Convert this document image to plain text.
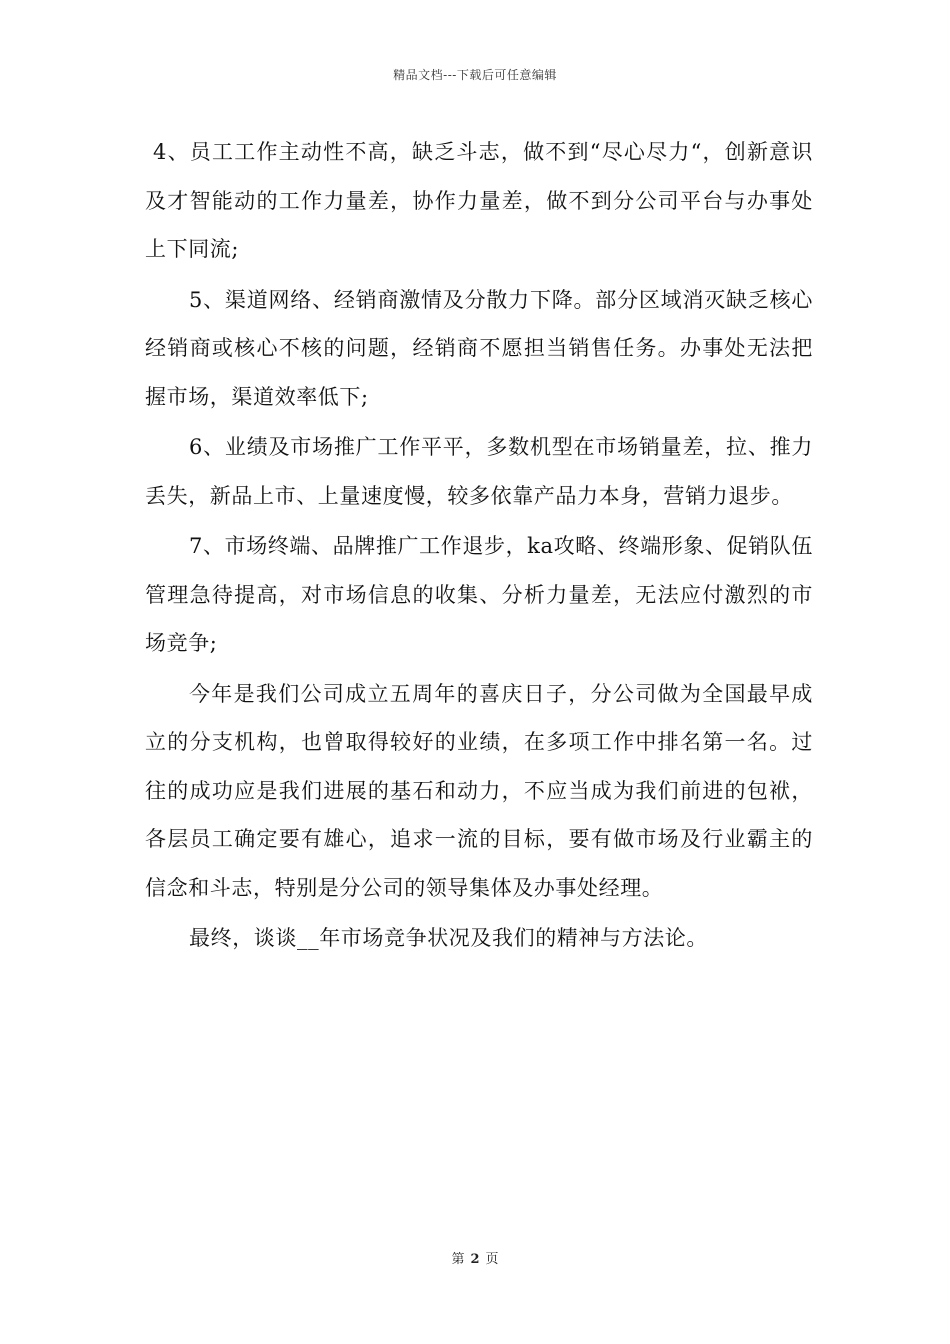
精品文档---下载后可任意编辑

4、员工工作主动性不高，缺乏斗志，做不到“尽心尽力“，创新意识及才智能动的工作力量差，协作力量差，做不到分公司平台与办事处上下同流;

5、渠道网络、经销商激情及分散力下降。部分区域消灭缺乏核心经销商或核心不核的问题，经销商不愿担当销售任务。办事处无法把握市场，渠道效率低下;

6、业绩及市场推广工作平平，多数机型在市场销量差，拉、推力丢失，新品上市、上量速度慢，较多依靠产品力本身，营销力退步。

7、市场终端、品牌推广工作退步，ka攻略、终端形象、促销队伍管理急待提高，对市场信息的收集、分析力量差，无法应付激烈的市场竞争;

今年是我们公司成立五周年的喜庆日子，分公司做为全国最早成立的分支机构，也曾取得较好的业绩，在多项工作中排名第一名。过往的成功应是我们进展的基石和动力，不应当成为我们前进的包袱，各层员工确定要有雄心，追求一流的目标，要有做市场及行业霸主的信念和斗志，特别是分公司的领导集体及办事处经理。

最终，谈谈__年市场竞争状况及我们的精神与方法论。

第 2 页
